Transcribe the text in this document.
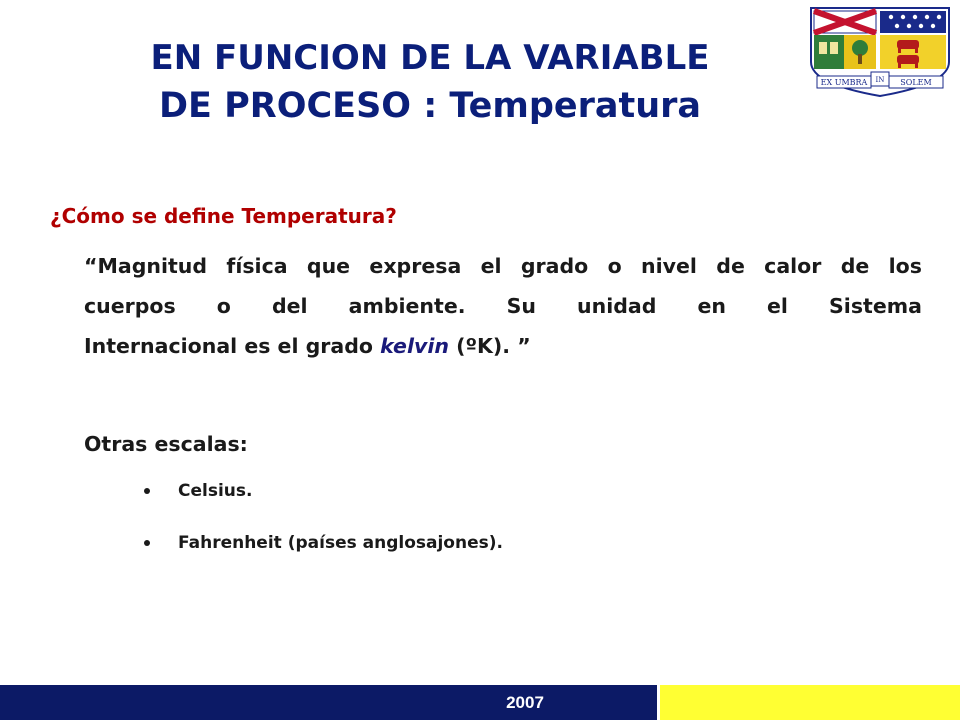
EN FUNCION DE LA VARIABLE
DE PROCESO : Temperatura
EX UMBRA IN SOLEM
¿Cómo se define Temperatura?
“Magnitud física que expresa el grado o nivel de calor de los
cuerpos o del ambiente. Su unidad en el Sistema
Internacional es el grado kelvin (ºK). ”
Otras escalas:
Celsius.
Fahrenheit (países anglosajones).
2007
